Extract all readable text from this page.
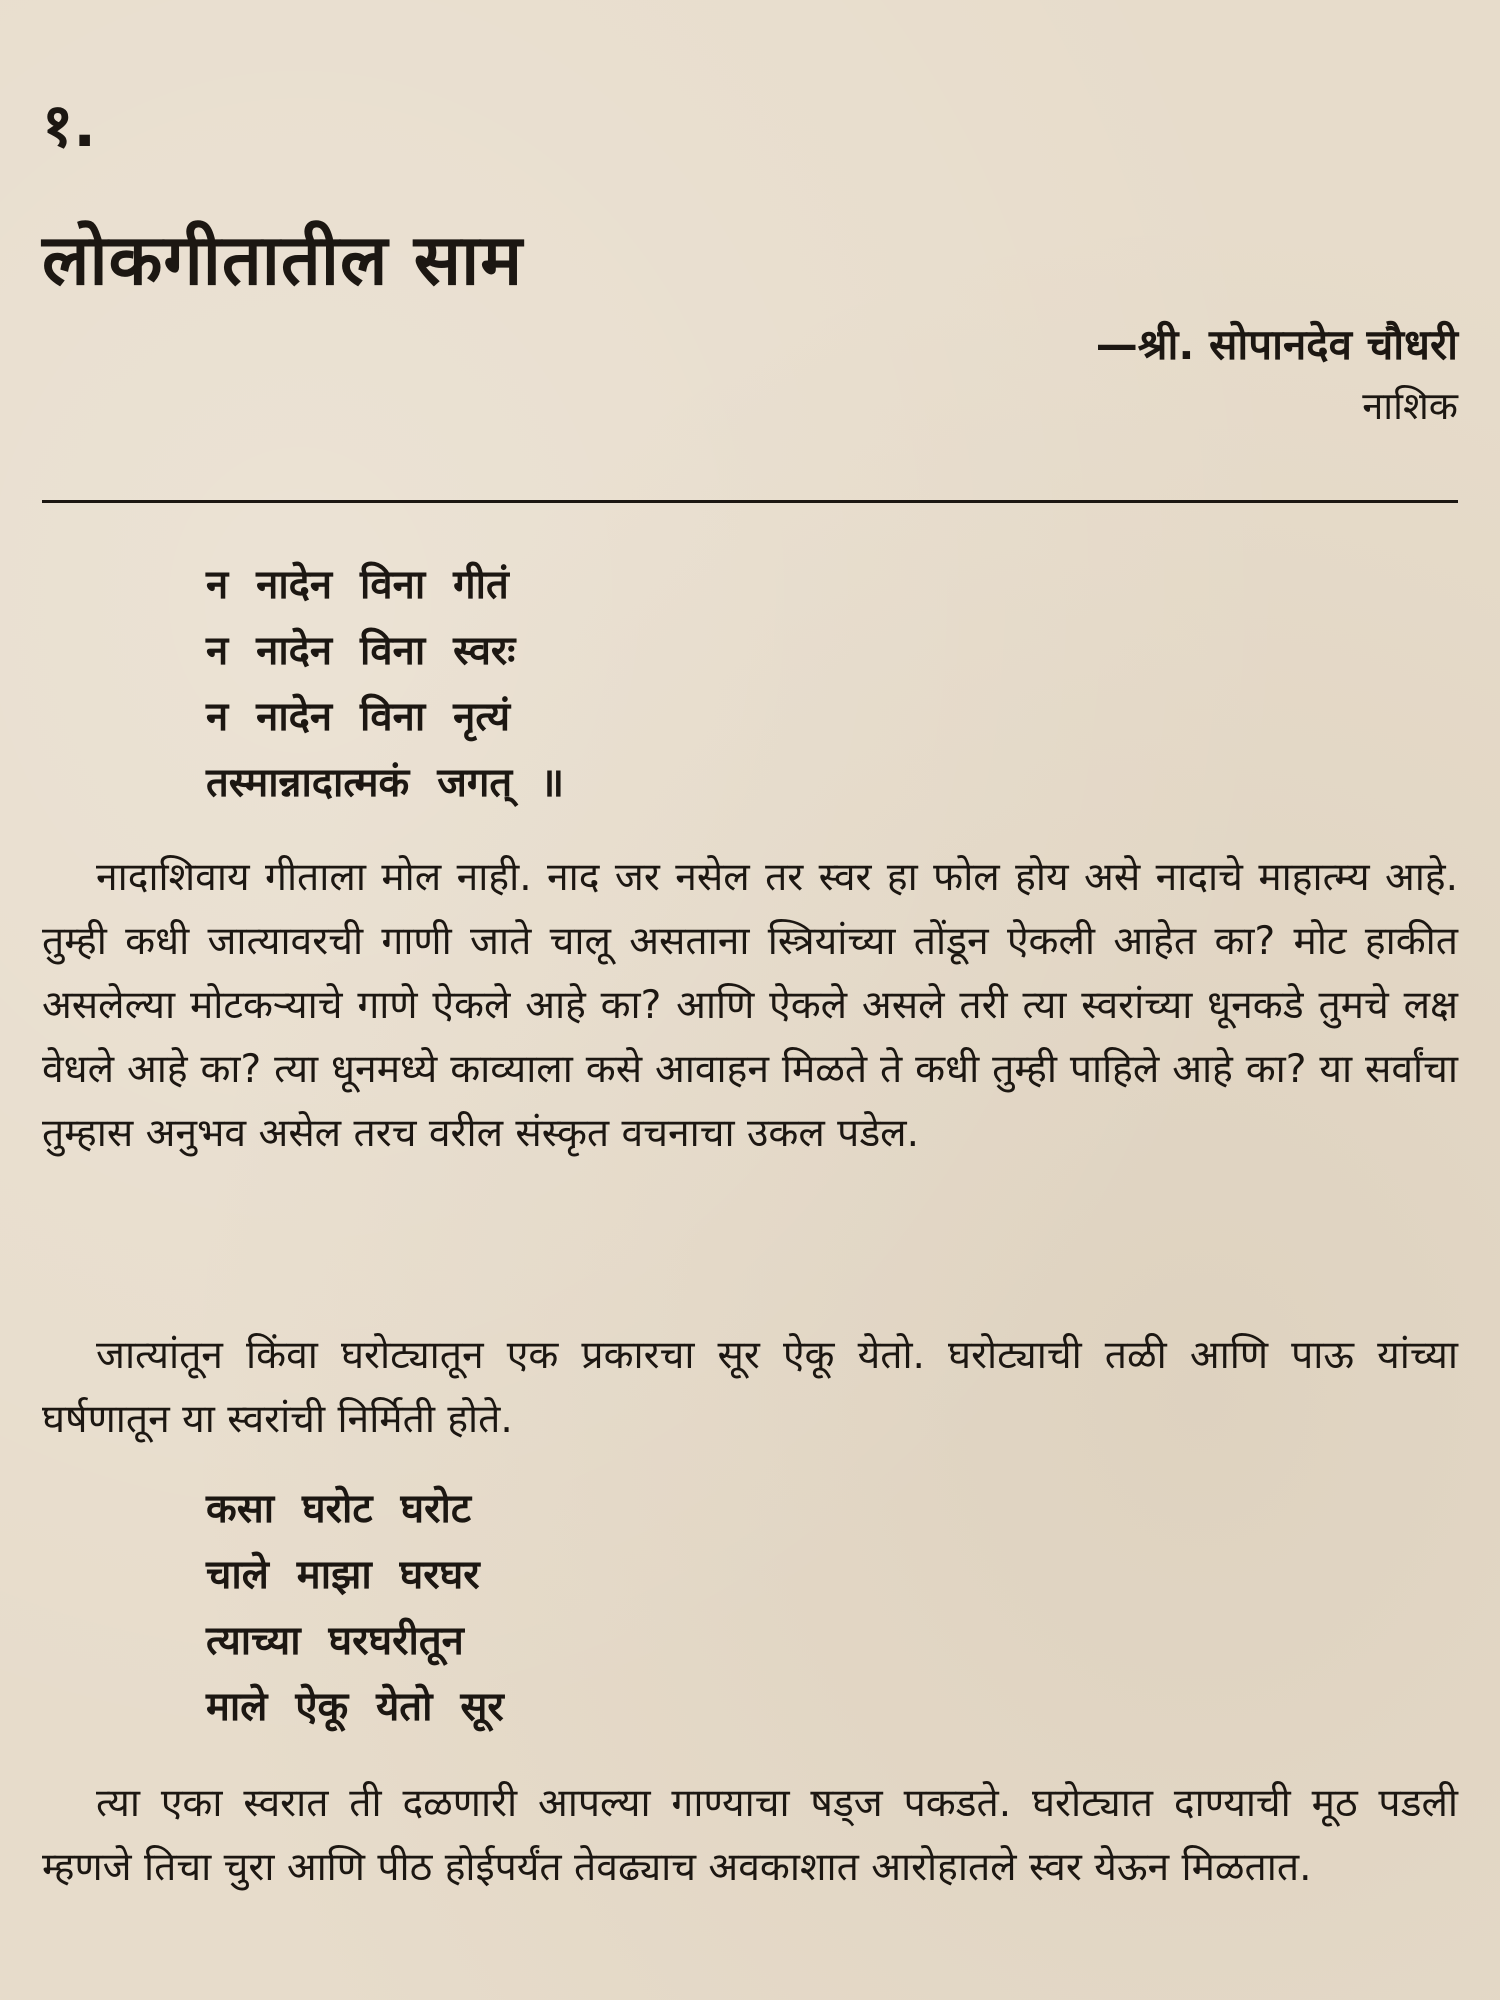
१.
लोकगीतातील साम
—श्री. सोपानदेव चौधरी
नाशिक
न नादेन विना गीतं
न नादेन विना स्वरः
न नादेन विना नृत्यं
तस्मान्नादात्मकं जगत् ॥

नादाशिवाय गीताला मोल नाही. नाद जर नसेल तर स्वर हा फोल होय असे नादाचे माहात्म्य आहे. तुम्ही कधी जात्यावरची गाणी जाते चालू असताना स्त्रियांच्या तोंडून ऐकली आहेत का? मोट हाकीत असलेल्या मोटकऱ्याचे गाणे ऐकले आहे का? आणि ऐकले असले तरी त्या स्वरांच्या धूनकडे तुमचे लक्ष वेधले आहे का? त्या धूनमध्ये काव्याला कसे आवाहन मिळते ते कधी तुम्ही पाहिले आहे का? या सर्वांचा तुम्हास अनुभव असेल तरच वरील संस्कृत वचनाचा उकल पडेल.

जात्यांतून किंवा घरोट्यातून एक प्रकारचा सूर ऐकू येतो. घरोट्याची तळी आणि पाऊ यांच्या घर्षणातून या स्वरांची निर्मिती होते.

कसा घरोट घरोट
चाले माझा घरघर
त्याच्या घरघरीतून
माले ऐकू येतो सूर

त्या एका स्वरात ती दळणारी आपल्या गाण्याचा षड्ज पकडते. घरोट्यात दाण्याची मूठ पडली म्हणजे तिचा चुरा आणि पीठ होईपर्यंत तेवढ्याच अवकाशात आरोहातले स्वर येऊन मिळतात.
